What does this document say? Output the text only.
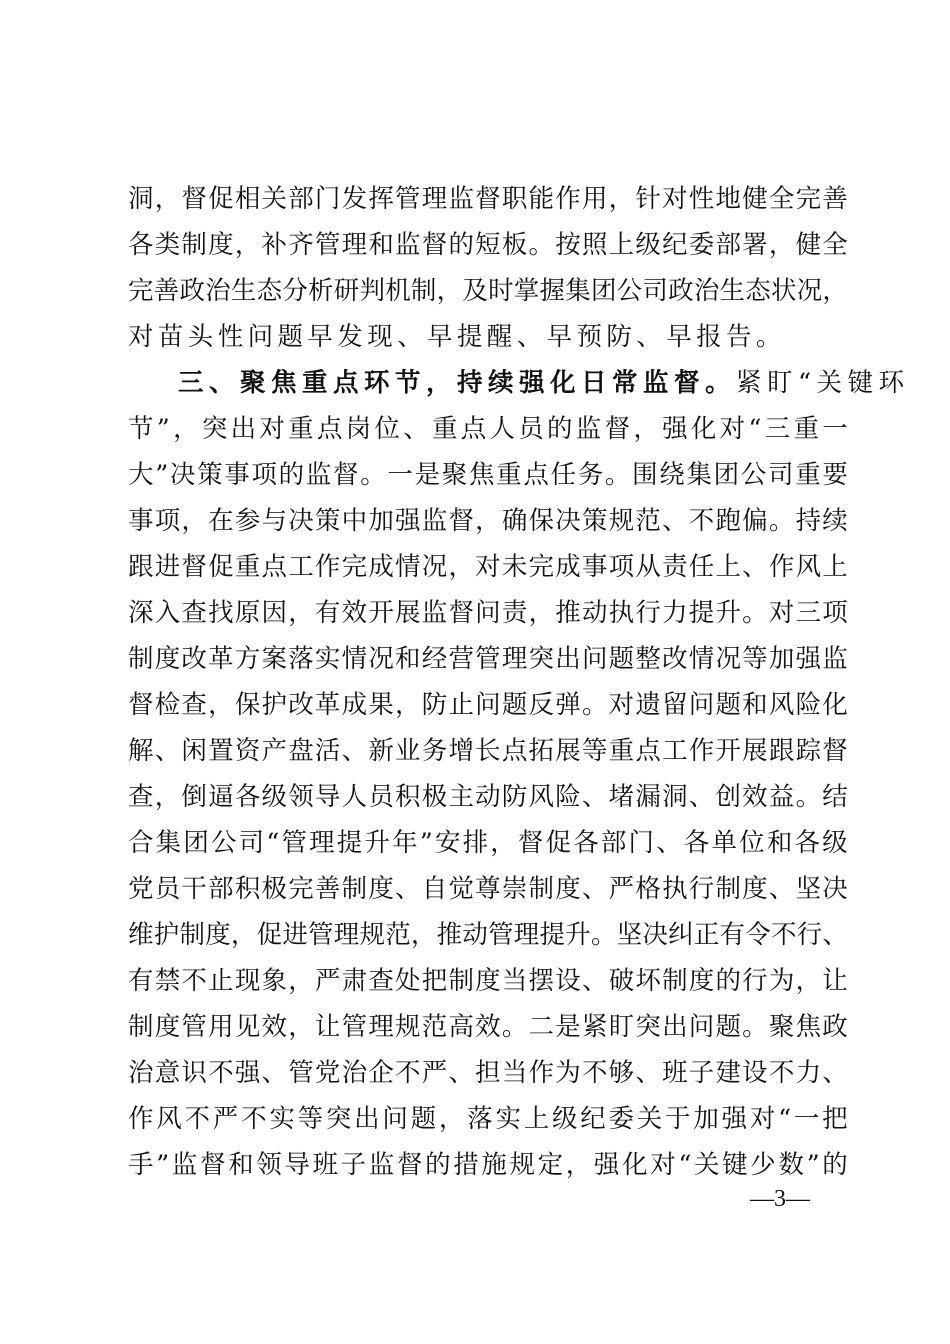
洞 ， 督 促 相 关 部 门 发 挥 管 理 监 督 职 能 作 用 ， 针 对 性 地 健 全 完 善
各 类 制 度 ， 补 齐 管 理 和 监 督 的 短 板 。 按 照 上 级 纪 委 部 署 ， 健 全
完 善 政 治 生 态 分 析 研 判 机 制 ， 及 时 掌 握 集 团 公 司 政 治 生 态 状 况 ，
对苗头性问题早发现、早提醒、早预防、早报告。
三、聚焦重点环节，持续强化日常监督。 紧盯“关键环
节 ” ， 突 出 对 重 点 岗 位 、 重 点 人 员 的 监 督 ， 强 化 对 “ 三 重 一
大 ” 决 策 事 项 的 监 督 。 一 是 聚 焦 重 点 任 务 。 围 绕 集 团 公 司 重 要
事 项 ， 在 参 与 决 策 中 加 强 监 督 ， 确 保 决 策 规 范 、 不 跑 偏 。 持 续
跟 进 督 促 重 点 工 作 完 成 情 况 ， 对 未 完 成 事 项 从 责 任 上 、 作 风 上
深 入 查 找 原 因 ， 有 效 开 展 监 督 问 责 ， 推 动 执 行 力 提 升 。 对 三 项
制 度 改 革 方 案 落 实 情 况 和 经 营 管 理 突 出 问 题 整 改 情 况 等 加 强 监
督 检 查 ， 保 护 改 革 成 果 ， 防 止 问 题 反 弹 。 对 遗 留 问 题 和 风 险 化
解 、 闲 置 资 产 盘 活 、 新 业 务 增 长 点 拓 展 等 重 点 工 作 开 展 跟 踪 督
查 ， 倒 逼 各 级 领 导 人 员 积 极 主 动 防 风 险 、 堵 漏 洞 、 创 效 益 。 结
合 集 团 公 司 “ 管 理 提 升 年 ” 安 排 ， 督 促 各 部 门 、 各 单 位 和 各 级
党 员 干 部 积 极 完 善 制 度 、 自 觉 尊 崇 制 度 、 严 格 执 行 制 度 、 坚 决
维 护 制 度 ， 促 进 管 理 规 范 ， 推 动 管 理 提 升 。 坚 决 纠 正 有 令 不 行 、
有 禁 不 止 现 象 ， 严 肃 查 处 把 制 度 当 摆 设 、 破 坏 制 度 的 行 为 ， 让
制 度 管 用 见 效 ， 让 管 理 规 范 高 效 。 二 是 紧 盯 突 出 问 题 。 聚 焦 政
治 意 识 不 强 、 管 党 治 企 不 严 、 担 当 作 为 不 够 、 班 子 建 设 不 力 、
作 风 不 严 不 实 等 突 出 问 题 ， 落 实 上 级 纪 委 关 于 加 强 对 “ 一 把
手 ” 监 督 和 领 导 班 子 监 督 的 措 施 规 定 ， 强 化 对 “ 关 键 少 数 ” 的
—3—
